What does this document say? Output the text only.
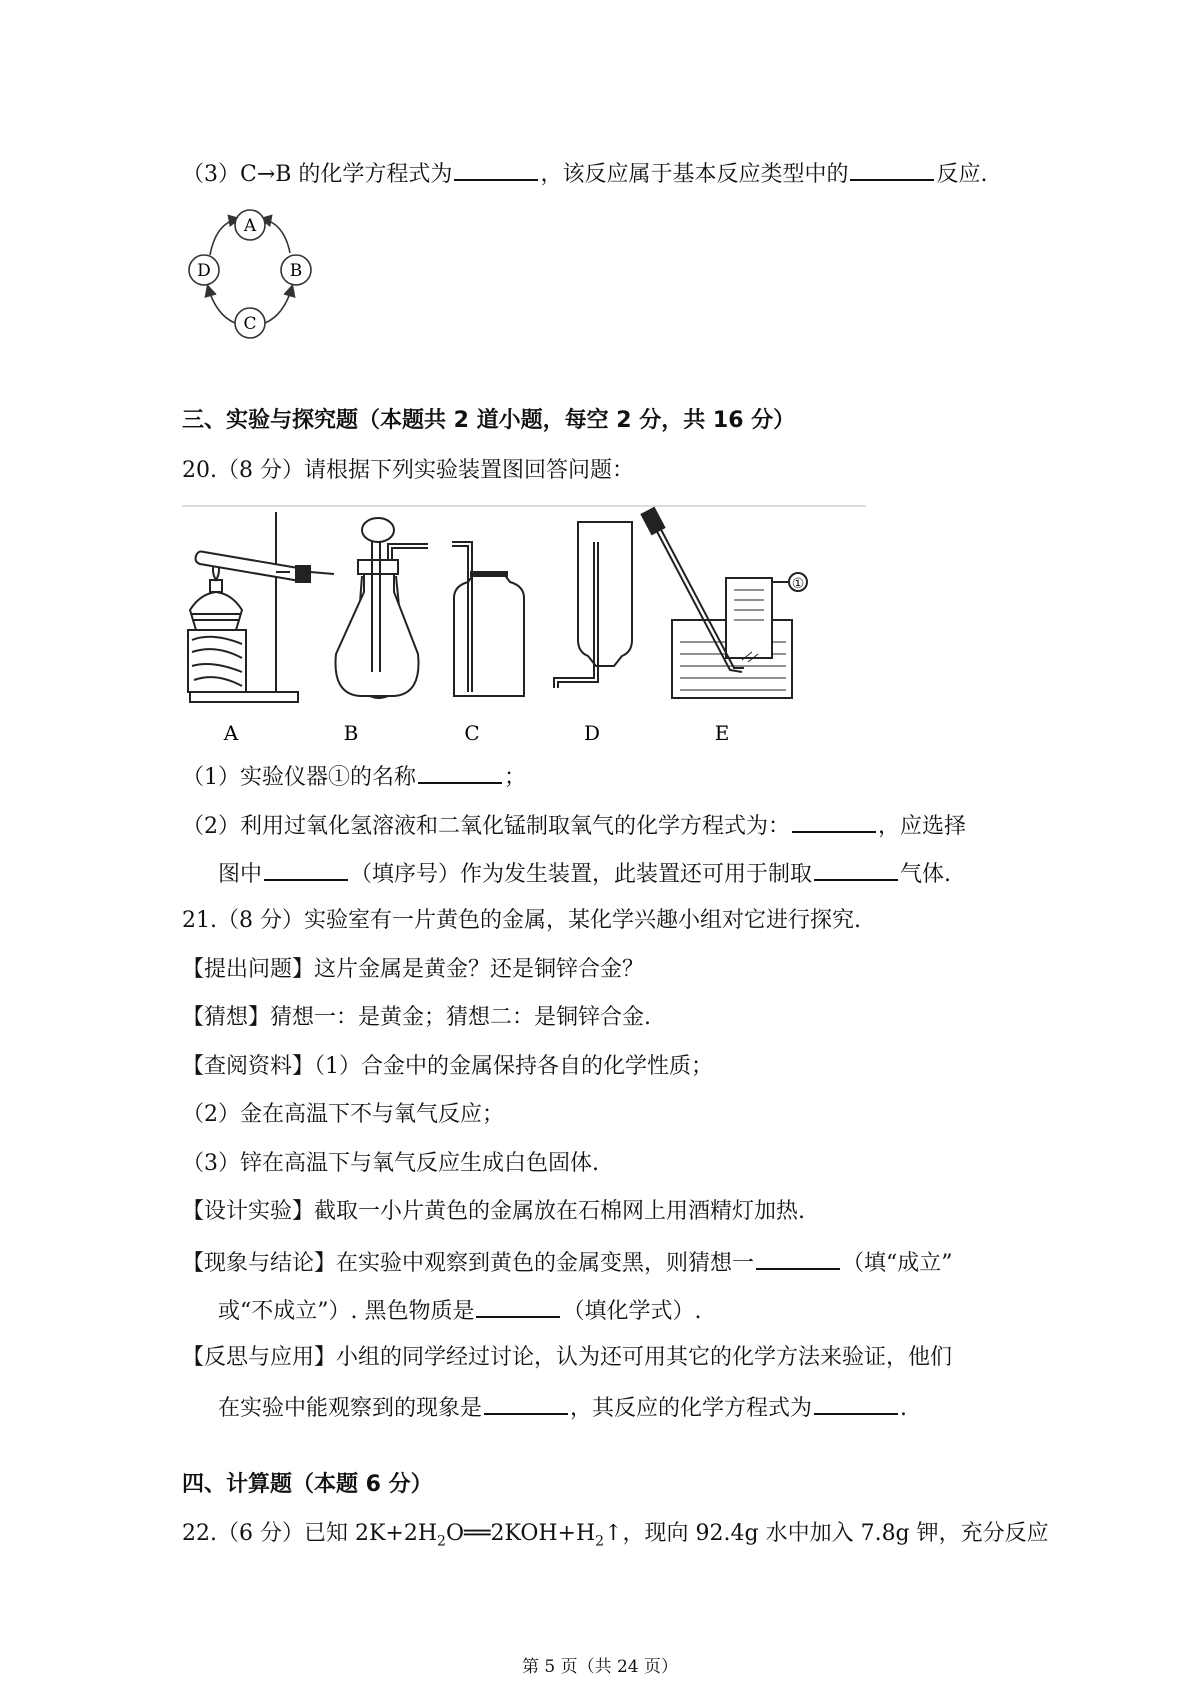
（3）C→B 的化学方程式为	，该反应属于基本反应类型中的	反应.
A
B
C
D
三、实验与探究题（本题共 2 道小题，每空 2 分，共 16 分）
20.（8 分）请根据下列实验装置图回答问题：
①
A	B	C	D	E
（1）实验仪器①的名称	；
（2）利用过氧化氢溶液和二氧化锰制取氧气的化学方程式为：	，应选择
图中	（填序号）作为发生装置，此装置还可用于制取	气体.
21.（8 分）实验室有一片黄色的金属，某化学兴趣小组对它进行探究.
【提出问题】这片金属是黄金？还是铜锌合金？
【猜想】猜想一：是黄金；猜想二：是铜锌合金.
【查阅资料】（1）合金中的金属保持各自的化学性质；
（2）金在高温下不与氧气反应；
（3）锌在高温下与氧气反应生成白色固体.
【设计实验】截取一小片黄色的金属放在石棉网上用酒精灯加热.
【现象与结论】在实验中观察到黄色的金属变黑，则猜想一	（填“成立”
或“不成立”）. 黑色物质是	（填化学式）.
【反思与应用】小组的同学经过讨论，认为还可用其它的化学方法来验证，他们
在实验中能观察到的现象是	，其反应的化学方程式为	.
四、计算题（本题 6 分）
22.（6 分）已知 $2K+2H_2O══2KOH+H_2↑$，现向 92.4g 水中加入 7.8g 钾，充分反应
第 5 页（共 24 页）
